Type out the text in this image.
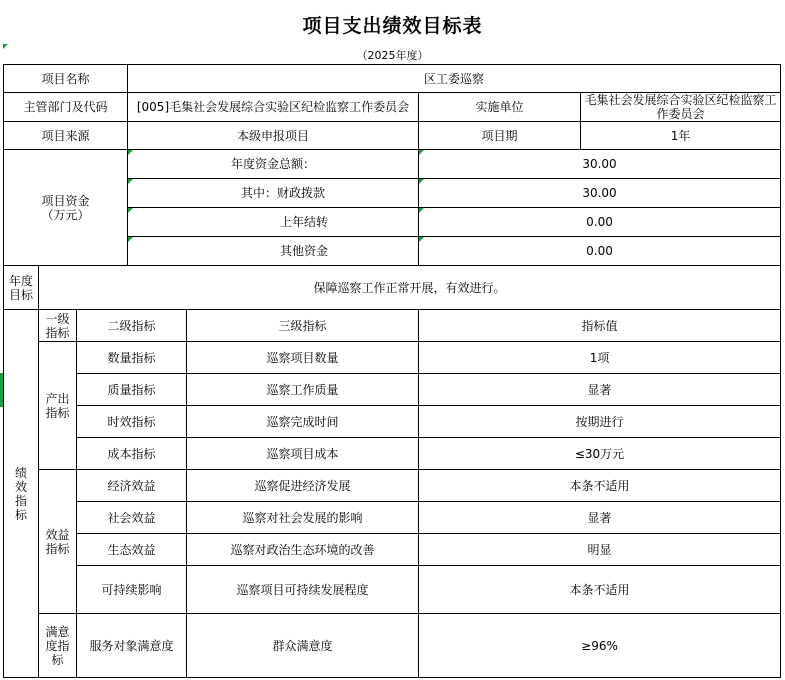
项目支出绩效目标表
（2025年度）
项目名称			区工委巡察			
主管部门及代码			[005]毛集社会发展综合实验区纪检监察工作委员会		实施单位	毛集社会发展综合实验区纪检监察工作委员会
项目来源			本级申报项目		项目期	1年
项目资金（万元）			年度资金总额：		30.00	

其中：财政拨款		30.00	

上年结转		0.00	

其他资金		0.00	
年度目标	保障巡察工作正常开展，有效进行。					
绩效指标	一级指标	二级指标		三级指标	指标值	
	产出指标	数量指标		巡察项目数量	1项	
		质量指标		巡察工作质量	显著	
		时效指标		巡察完成时间	按期进行	
		成本指标		巡察项目成本	≤30万元	
	效益指标	经济效益		巡察促进经济发展	本条不适用	
		社会效益		巡察对社会发展的影响	显著	
		生态效益		巡察对政治生态环境的改善	明显	
		可持续影响		巡察项目可持续发展程度	本条不适用	
	满意度指标	服务对象满意度		群众满意度	≥96%	
